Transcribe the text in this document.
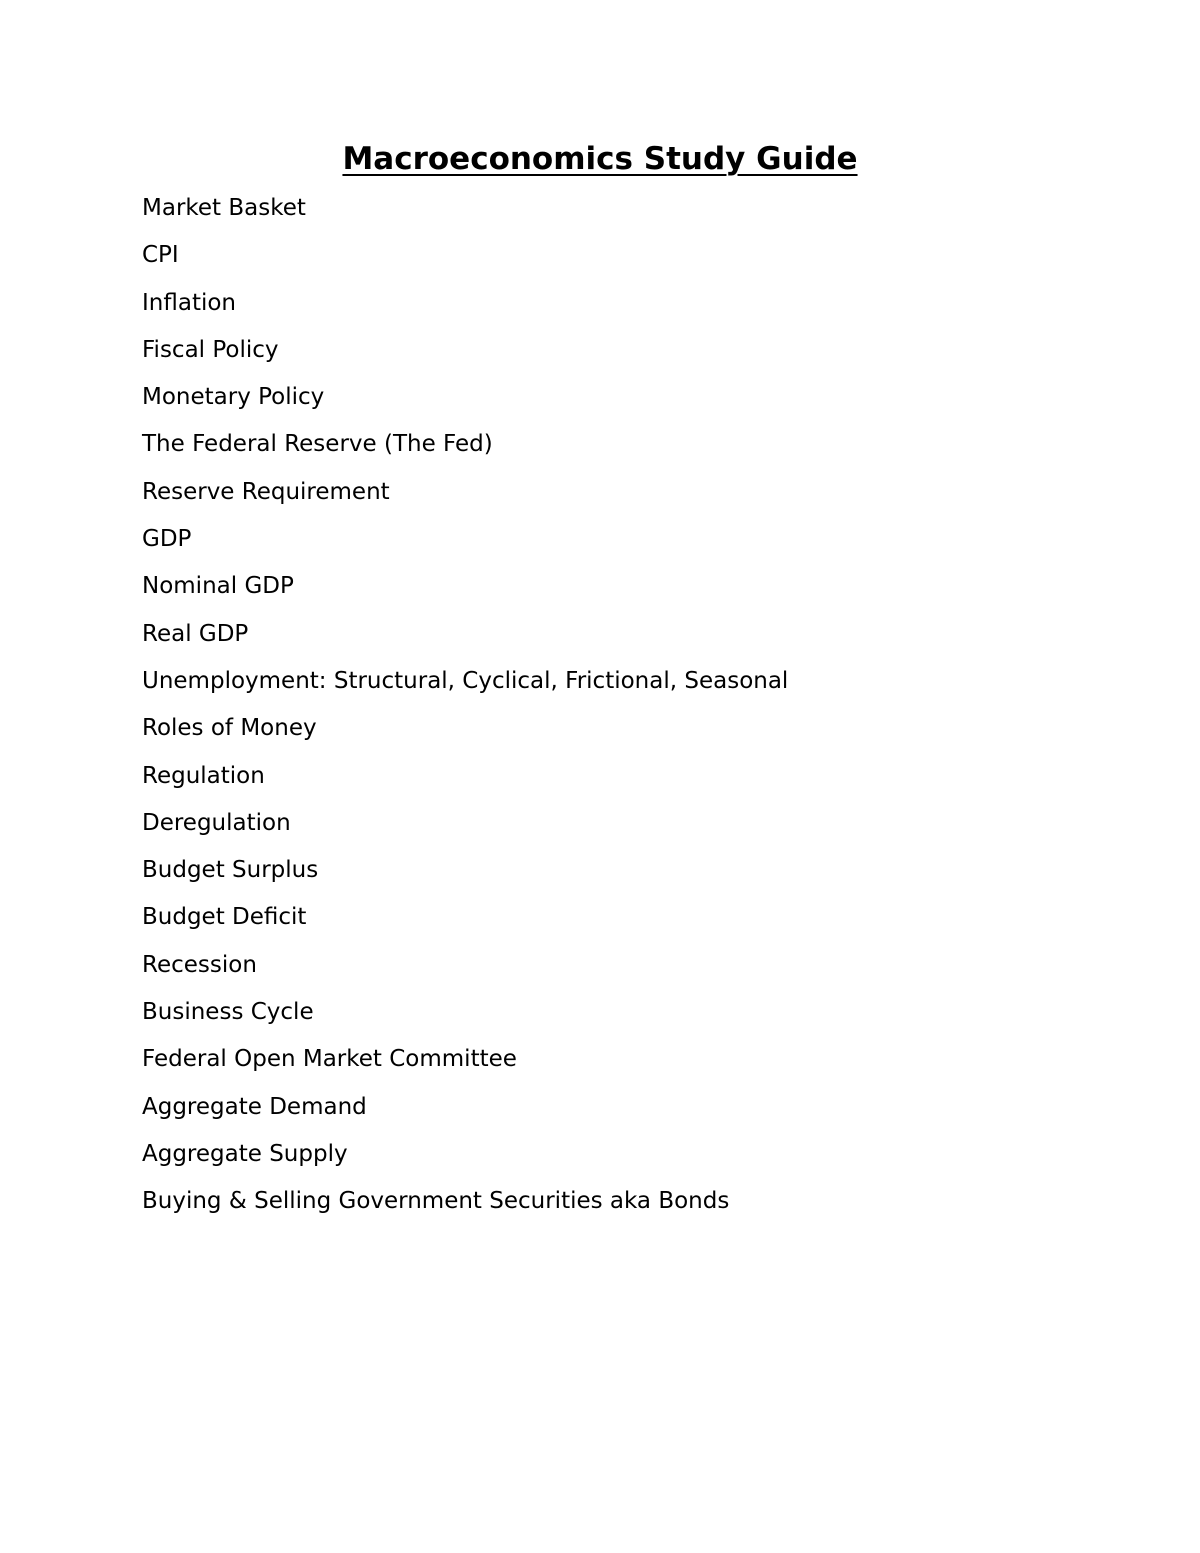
Macroeconomics Study Guide
Market Basket
CPI
Inflation
Fiscal Policy
Monetary Policy
The Federal Reserve (The Fed)
Reserve Requirement
GDP
Nominal GDP
Real GDP
Unemployment: Structural, Cyclical, Frictional, Seasonal
Roles of Money
Regulation
Deregulation
Budget Surplus
Budget Deficit
Recession
Business Cycle
Federal Open Market Committee
Aggregate Demand
Aggregate Supply
Buying & Selling Government Securities aka Bonds
